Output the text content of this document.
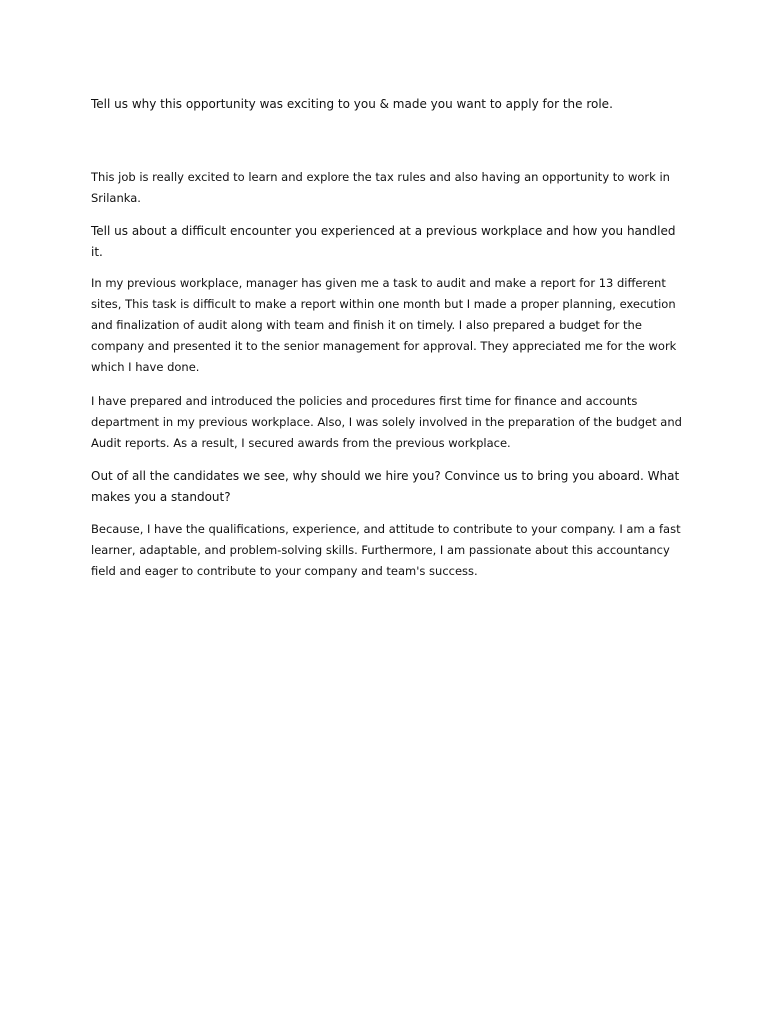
Tell us why this opportunity was exciting to you & made you want to apply for the role.

This job is really excited to learn and explore the tax rules and also having an opportunity to work in Srilanka.

Tell us about a difficult encounter you experienced at a previous workplace and how you handled it.

In my previous workplace, manager has given me a task to audit and make a report for 13 different sites, This task is difficult to make a report within one month but I made a proper planning, execution and finalization of audit along with team and finish it on timely. I also prepared a budget for the company and presented it to the senior management for approval. They appreciated me for the work which I have done.

I have prepared and introduced the policies and procedures first time for finance and accounts department in my previous workplace. Also, I was solely involved in the preparation of the budget and Audit reports. As a result, I secured awards from the previous workplace.

Out of all the candidates we see, why should we hire you? Convince us to bring you aboard. What makes you a standout?

Because, I have the qualifications, experience, and attitude to contribute to your company. I am a fast learner, adaptable, and problem-solving skills. Furthermore, I am passionate about this accountancy field and eager to contribute to your company and team's success.
